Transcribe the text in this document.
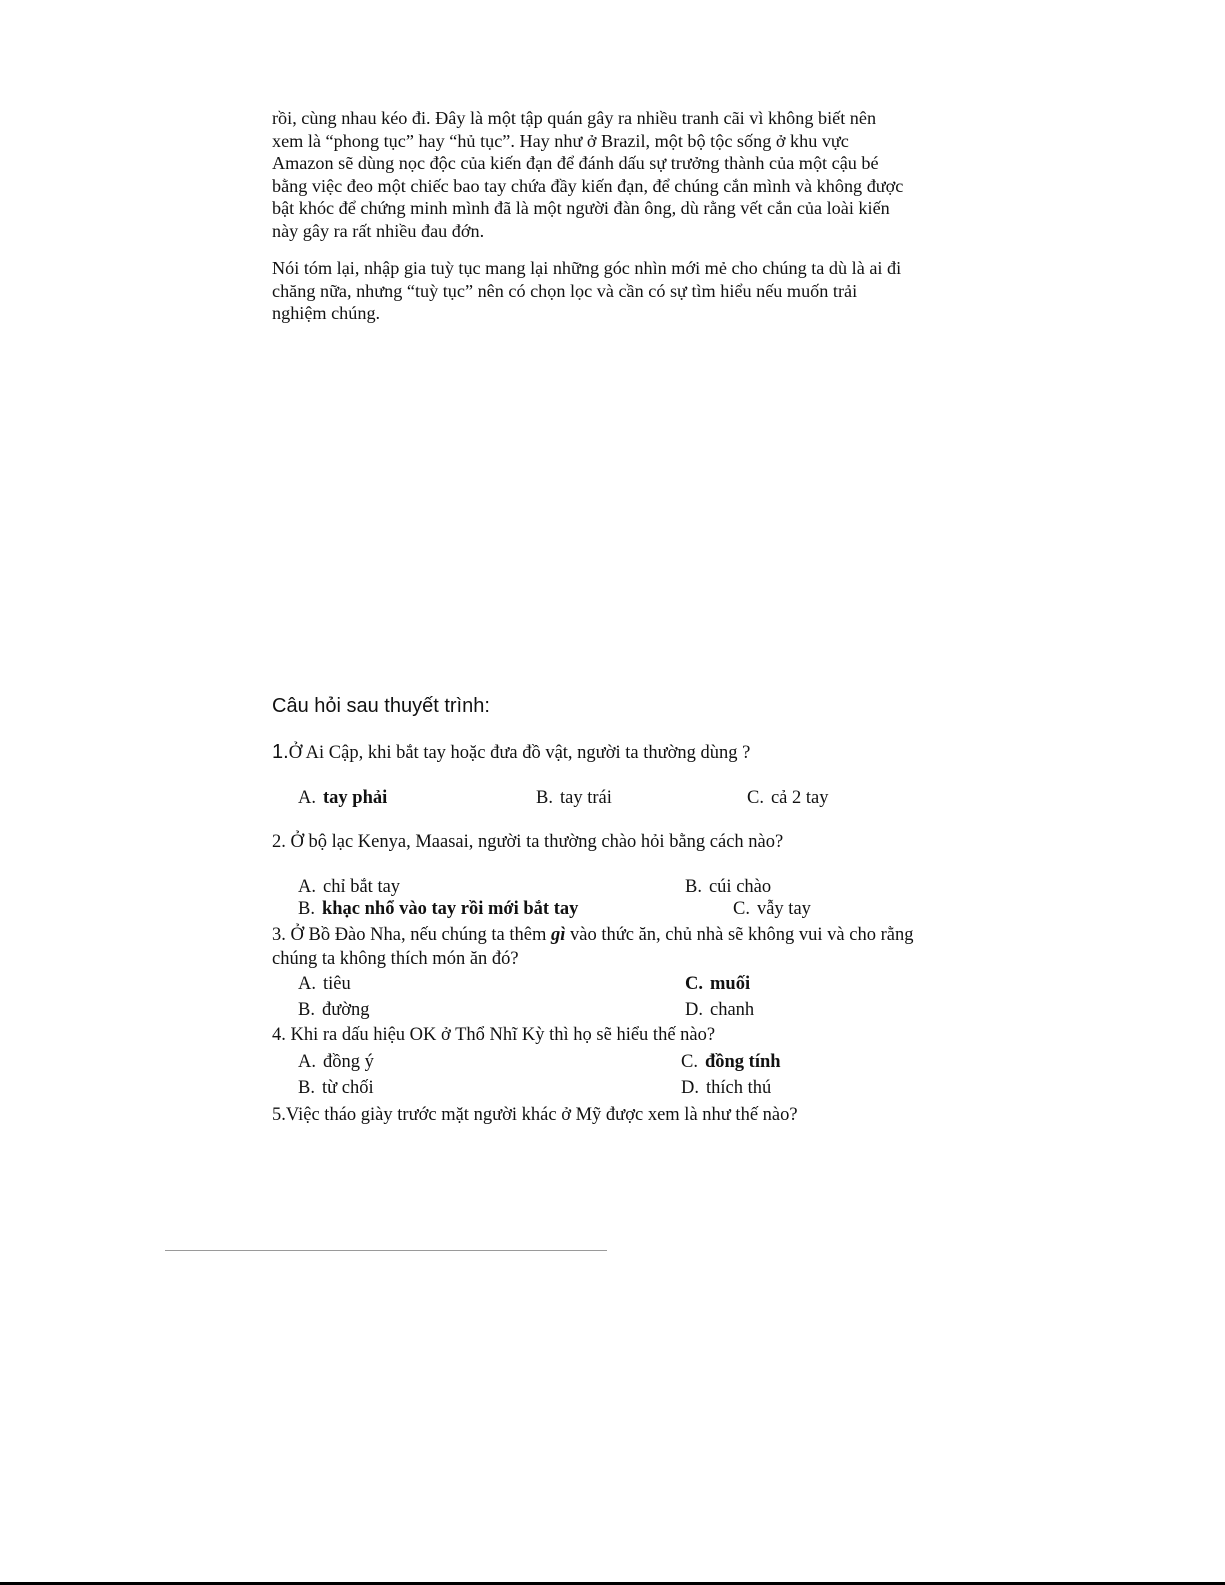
rồi, cùng nhau kéo đi. Đây là một tập quán gây ra nhiều tranh cãi vì không biết nên
xem là “phong tục” hay “hủ tục”. Hay như ở Brazil, một bộ tộc sống ở khu vực
Amazon sẽ dùng nọc độc của kiến đạn để đánh dấu sự trưởng thành của một cậu bé
bằng việc đeo một chiếc bao tay chứa đầy kiến đạn, để chúng cắn mình và không được
bật khóc để chứng minh mình đã là một người đàn ông, dù rằng vết cắn của loài kiến
này gây ra rất nhiều đau đớn.
Nói tóm lại, nhập gia tuỳ tục mang lại những góc nhìn mới mẻ cho chúng ta dù là ai đi
chăng nữa, nhưng “tuỳ tục” nên có chọn lọc và cần có sự tìm hiểu nếu muốn trải
nghiệm chúng.
Câu hỏi sau thuyết trình:
1.Ở Ai Cập, khi bắt tay hoặc đưa đồ vật, người ta thường dùng ?
A. tay phải	B. tay trái	C. cả 2 tay
2. Ở bộ lạc Kenya, Maasai, người ta thường chào hỏi bằng cách nào?
A. chỉ bắt tay	B. cúi chào
B. khạc nhổ vào tay rồi mới bắt tay	C. vẫy tay
3. Ở Bồ Đào Nha, nếu chúng ta thêm gì vào thức ăn, chủ nhà sẽ không vui và cho rằng
chúng ta không thích món ăn đó?
A. tiêu	C. muối
B. đường	D. chanh
4. Khi ra dấu hiệu OK ở Thổ Nhĩ Kỳ thì họ sẽ hiểu thế nào?
A. đồng ý	C. đồng tính
B. từ chối	D. thích thú
5.Việc tháo giày trước mặt người khác ở Mỹ được xem là như thế nào?
